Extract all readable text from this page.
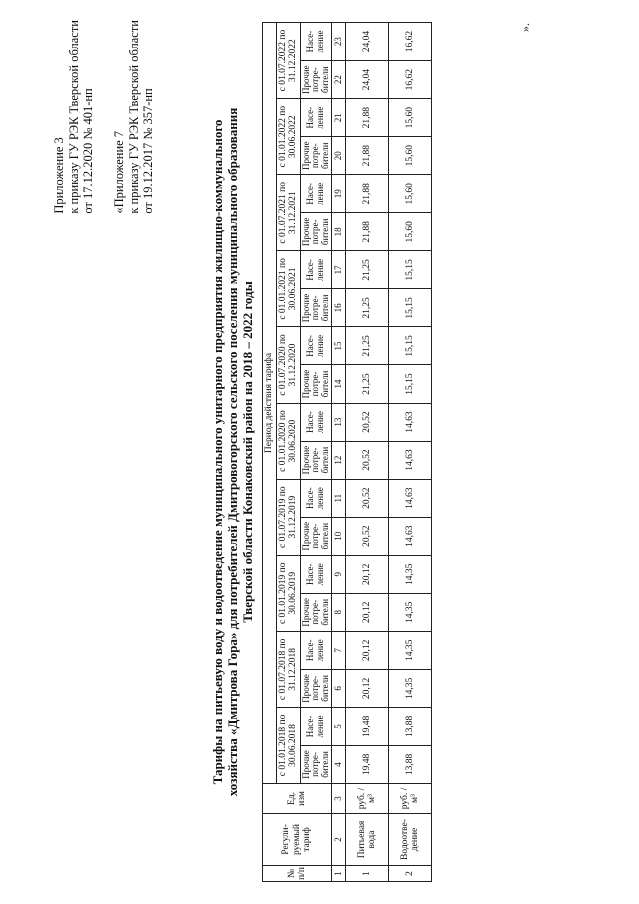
Приложение 3 к приказу ГУ РЭК Тверской области от 17.12.2020 № 401-нп «Приложение 7 к приказу ГУ РЭК Тверской области от 19.12.2017 № 357-нп	Тарифы на питьевую воду и водоотведение муниципального унитарного предприятия жилищно-коммунального хозяйства «Дмитрова Гора» для потребителей Дмитровогорского сельского поселения муниципального образования Тверской области Конаковский район на 2018 – 2022 годы
№ п/п	Регули-руемый тариф	Ед. изм	Период действия тарифа																			
			с 01.01.2018 по 30.06.2018		с 01.07.2018 по 31.12.2018		с 01.01.2019 по 30.06.2019		с 01.07.2019 по 31.12.2019		с 01.01.2020 по 30.06.2020		с 01.07.2020 по 31.12.2020		с 01.01.2021 по 30.06.2021		с 01.07.2021 по 31.12.2021		с 01.01.2022 по 30.06.2022		с 01.07.2022 по 31.12.2022	
			Прочие потре-бители	Насе-ление	Прочие потре-бители	Насе-ление	Прочие потре-бители	Насе-ление	Прочие потре-бители	Насе-ление	Прочие потре-бители	Насе-ление	Прочие потре-бители	Насе-ление	Прочие потре-бители	Насе-ление	Прочие потре-бители	Насе-ление	Прочие потре-бители	Насе-ление	Прочие потре-бители	Насе-ление
1	2	3	4	5	6	7	8	9	10	11	12	13	14	15	16	17	18	19	20	21	22	23
1	Питьевая вода	руб. /м³	19,48	19,48	20,12	20,12	20,12	20,12	20,52	20,52	20,52	20,52	21,25	21,25	21,25	21,25	21,88	21,88	21,88	21,88	24,04	24,04
2	Водоотве-дение	руб. /м³	13,88	13,88	14,35	14,35	14,35	14,35	14,63	14,63	14,63	14,63	15,15	15,15	15,15	15,15	15,60	15,60	15,60	15,60	16,62	16,62
».
